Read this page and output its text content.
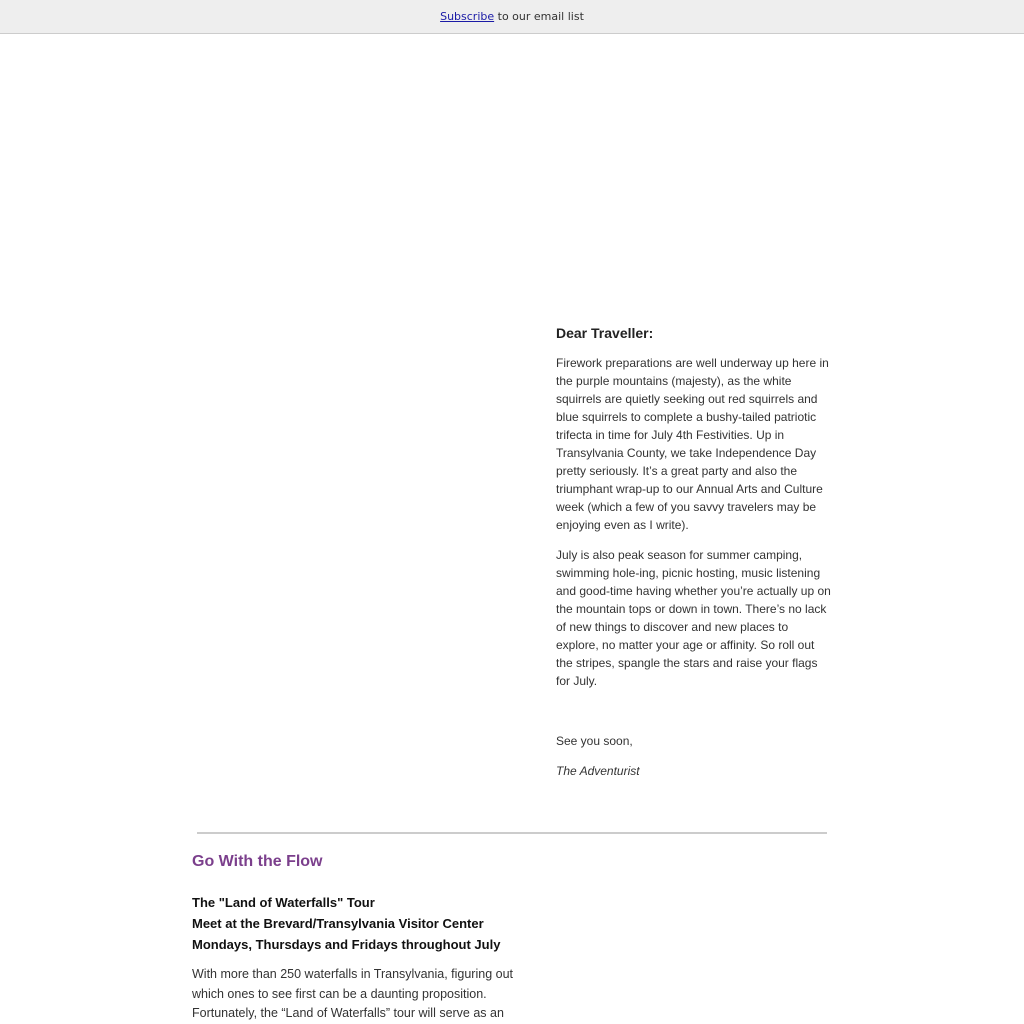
Subscribe to our email list
Dear Traveller:

Firework preparations are well underway up here in the purple mountains (majesty), as the white squirrels are quietly seeking out red squirrels and blue squirrels to complete a bushy-tailed patriotic trifecta in time for July 4th Festivities. Up in Transylvania County, we take Independence Day pretty seriously. It’s a great party and also the triumphant wrap-up to our Annual Arts and Culture week (which a few of you savvy travelers may be enjoying even as I write).

July is also peak season for summer camping, swimming hole-ing, picnic hosting, music listening and good-time having whether you’re actually up on the mountain tops or down in town. There’s no lack of new things to discover and new places to explore, no matter your age or affinity. So roll out the stripes, spangle the stars and raise your flags for July.

See you soon,

The Adventurist

Go With the Flow
The "Land of Waterfalls" Tour
Meet at the Brevard/Transylvania Visitor Center
Mondays, Thursdays and Fridays throughout July

With more than 250 waterfalls in Transylvania, figuring out which ones to see first can be a daunting proposition. Fortunately, the “Land of Waterfalls” tour will serve as an
